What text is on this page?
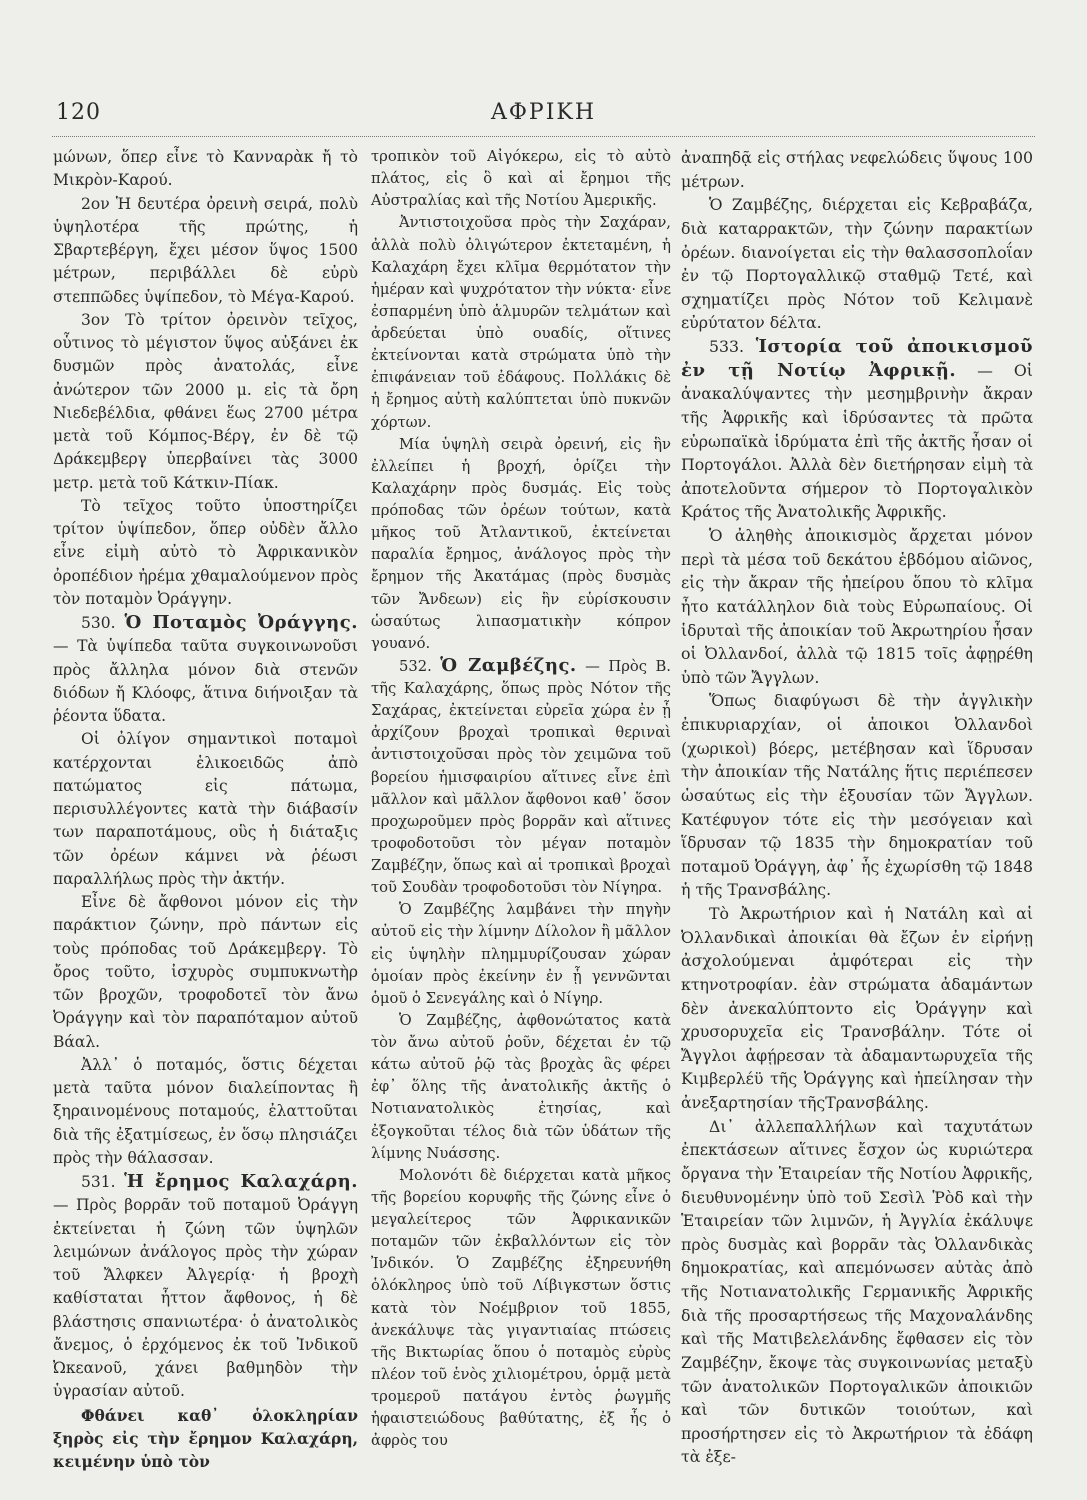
120	ΑΦΡΙΚΗ

μώνων, ὅπερ εἶνε τὸ Κανναρὰκ ἤ τὸ Μικρὸν-Καρού.

2ον Ἡ δευτέρα ὀρεινὴ σειρά, πολὺ ὑψηλοτέρα τῆς πρώτης, ἡ Σβαρτεβέργη, ἔχει μέσον ὕψος 1500 μέτρων, περιβάλλει δὲ εὐρὺ στεππῶδες ὑψίπεδον, τὸ Μέγα-Καρού.

3ον Τὸ τρίτον ὀρεινὸν τεῖχος, οὗτινος τὸ μέγιστον ὕψος αὐξάνει ἐκ δυσμῶν πρὸς ἀνατολάς, εἶνε ἀνώτερον τῶν 2000 μ. εἰς τὰ ὄρη Νιεδεβέλδια, φθάνει ἕως 2700 μέτρα μετὰ τοῦ Κόμπος-Βέργ, ἐν δὲ τῷ Δράκεμβεργ ὑπερβαίνει τὰς 3000 μετρ. μετὰ τοῦ Κάτκιν-Πίακ.

Τὸ τεῖχος τοῦτο ὑποστηρίζει τρίτον ὑψίπεδον, ὅπερ οὐδὲν ἄλλο εἶνε εἰμὴ αὐτὸ τὸ Ἀφρικανικὸν ὀροπέδιον ἠρέμα χθαμαλούμενον πρὸς τὸν ποταμὸν Ὀράγγην.

530. Ὁ Ποταμὸς Ὀράγγης. — Τὰ ὑψίπεδα ταῦτα συγκοινωνοῦσι πρὸς ἄλληλα μόνον διὰ στενῶν διόδων ἤ Κλόοφς, ἅτινα διήνοιξαν τὰ ῥέοντα ὕδατα.

Οἱ ὀλίγον σημαντικοὶ ποταμοὶ κατέρχονται ἑλικοειδῶς ἀπὸ πατώματος εἰς πάτωμα, περισυλλέγοντες κατὰ τὴν διάβασίν των παραποτάμους, οὓς ἡ διάταξις τῶν ὀρέων κάμνει νὰ ῥέωσι παραλλήλως πρὸς τὴν ἀκτήν.

Εἶνε δὲ ἄφθονοι μόνον εἰς τὴν παράκτιον ζώνην, πρὸ πάντων εἰς τοὺς πρόποδας τοῦ Δράκεμβεργ. Τὸ ὄρος τοῦτο, ἰσχυρὸς συμπυκνωτὴρ τῶν βροχῶν, τροφοδοτεῖ τὸν ἄνω Ὀράγγην καὶ τὸν παραπόταμον αὐτοῦ Βάαλ.

Ἀλλ᾽ ὁ ποταμός, ὅστις δέχεται μετὰ ταῦτα μόνον διαλείποντας ἢ ξηραινομένους ποταμούς, ἐλαττοῦται διὰ τῆς ἐξατμίσεως, ἐν ὅσῳ πλησιάζει πρὸς τὴν θάλασσαν.

531. Ἡ ἔρημος Καλαχάρη. — Πρὸς βορρᾶν τοῦ ποταμοῦ Ὀράγγη ἐκτείνεται ἡ ζώνη τῶν ὑψηλῶν λειμώνων ἀνάλογος πρὸς τὴν χώραν τοῦ Ἄλφκεν Ἀλγερίᾳ· ἡ βροχὴ καθίσταται ἧττον ἄφθονος, ἡ δὲ βλάστησις σπανιωτέρα· ὁ ἀνατολικὸς ἄνεμος, ὁ ἐρχόμενος ἐκ τοῦ Ἰνδικοῦ Ὠκεανοῦ, χάνει βαθμηδὸν τὴν ὑγρασίαν αὐτοῦ.

Φθάνει καθ᾽ ὁλοκληρίαν ξηρὸς εἰς τὴν ἔρημον Καλαχάρη, κειμένην ὑπὸ τὸν

τροπικὸν τοῦ Αἰγόκερω, εἰς τὸ αὐτὸ πλάτος, εἰς ὃ καὶ αἱ ἔρημοι τῆς Αὐστραλίας καὶ τῆς Νοτίου Ἀμερικῆς.

Ἀντιστοιχοῦσα πρὸς τὴν Σαχάραν, ἀλλὰ πολὺ ὀλιγώτερον ἐκτεταμένη, ἡ Καλαχάρη ἔχει κλῖμα θερμότατον τὴν ἡμέραν καὶ ψυχρότατον τὴν νύκτα· εἶνε ἐσπαρμένη ὑπὸ ἁλμυρῶν τελμάτων καὶ ἀρδεύεται ὑπὸ ουαδίς, οἵτινες ἐκτείνονται κατὰ στρώματα ὑπὸ τὴν ἐπιφάνειαν τοῦ ἐδάφους. Πολλάκις δὲ ἡ ἔρημος αὐτὴ καλύπτεται ὑπὸ πυκνῶν χόρτων.

Μία ὑψηλὴ σειρὰ ὀρεινή, εἰς ἣν ἐλλείπει ἡ βροχή, ὁρίζει τὴν Καλαχάρην πρὸς δυσμάς. Εἰς τοὺς πρόποδας τῶν ὀρέων τούτων, κατὰ μῆκος τοῦ Ἀτλαντικοῦ, ἐκτείνεται παραλία ἔρημος, ἀνάλογος πρὸς τὴν ἔρημον τῆς Ἀκατάμας (πρὸς δυσμὰς τῶν Ἄνδεων) εἰς ἣν εὑρίσκουσιν ὡσαύτως λιπασματικὴν κόπρον γουανό.

532. Ὁ Ζαμβέζης. — Πρὸς Β. τῆς Καλαχάρης, ὅπως πρὸς Νότον τῆς Σαχάρας, ἐκτείνεται εὐρεῖα χώρα ἐν ᾗ ἀρχίζουν βροχαὶ τροπικαὶ θεριναὶ ἀντιστοιχοῦσαι πρὸς τὸν χειμῶνα τοῦ βορείου ἡμισφαιρίου αἵτινες εἶνε ἐπὶ μᾶλλον καὶ μᾶλλον ἄφθονοι καθ᾽ ὅσον προχωροῦμεν πρὸς βορρᾶν καὶ αἵτινες τροφοδοτοῦσι τὸν μέγαν ποταμὸν Ζαμβέζην, ὅπως καὶ αἱ τροπικαὶ βροχαὶ τοῦ Σουδὰν τροφοδοτοῦσι τὸν Νίγηρα.

Ὁ Ζαμβέζης λαμβάνει τὴν πηγὴν αὐτοῦ εἰς τὴν λίμνην Δίλολον ἢ μᾶλλον εἰς ὑψηλὴν πλημμυρίζουσαν χώραν ὁμοίαν πρὸς ἐκείνην ἐν ᾗ γεννῶνται ὁμοῦ ὁ Σενεγάλης καὶ ὁ Νίγηρ.

Ὁ Ζαμβέζης, ἀφθονώτατος κατὰ τὸν ἄνω αὐτοῦ ῥοῦν, δέχεται ἐν τῷ κάτω αὐτοῦ ῥῷ τὰς βροχὰς ἃς φέρει ἐφ᾽ ὅλης τῆς ἀνατολικῆς ἀκτῆς ὁ Νοτιανατολικὸς ἐτησίας, καὶ ἐξογκοῦται τέλος διὰ τῶν ὑδάτων τῆς λίμνης Νυάσσης.

Μολονότι δὲ διέρχεται κατὰ μῆκος τῆς βορείου κορυφῆς τῆς ζώνης εἶνε ὁ μεγαλείτερος τῶν Ἀφρικανικῶν ποταμῶν τῶν ἐκβαλλόντων εἰς τὸν Ἰνδικόν. Ὁ Ζαμβέζης ἐξηρευνήθη ὁλόκληρος ὑπὸ τοῦ Λίβιγκστων ὅστις κατὰ τὸν Νοέμβριον τοῦ 1855, ἀνεκάλυψε τὰς γιγαντιαίας πτώσεις τῆς Βικτωρίας ὅπου ὁ ποταμὸς εὐρὺς πλέον τοῦ ἑνὸς χιλιομέτρου, ὁρμᾷ μετὰ τρομεροῦ πατάγου ἐντὸς ῥωγμῆς ἡφαιστειώδους βαθύτατης, ἐξ ἧς ὁ ἀφρὸς του

ἀναπηδᾷ εἰς στήλας νεφελώδεις ὕψους 100 μέτρων.

Ὁ Ζαμβέζης, διέρχεται εἰς Κεβραβάζα, διὰ καταρρακτῶν, τὴν ζώνην παρακτίων ὀρέων. διανοίγεται εἰς τὴν θαλασσοπλοΐαν ἐν τῷ Πορτογαλλικῷ σταθμῷ Τετέ, καὶ σχηματίζει πρὸς Νότον τοῦ Κελιμανὲ εὐρύτατον δέλτα.

533. Ἱστορία τοῦ ἀποικισμοῦ ἐν τῇ Νοτίῳ Ἀφρικῇ. — Οἱ ἀνακαλύψαντες τὴν μεσημβρινὴν ἄκραν τῆς Ἀφρικῆς καὶ ἱδρύσαντες τὰ πρῶτα εὐρωπαϊκὰ ἱδρύματα ἐπὶ τῆς ἀκτῆς ἦσαν οἱ Πορτογάλοι. Ἀλλὰ δὲν διετήρησαν εἰμὴ τὰ ἀποτελοῦντα σήμερον τὸ Πορτογαλικὸν Κράτος τῆς Ἀνατολικῆς Ἀφρικῆς.

Ὁ ἀληθὴς ἀποικισμὸς ἄρχεται μόνον περὶ τὰ μέσα τοῦ δεκάτου ἑβδόμου αἰῶνος, εἰς τὴν ἄκραν τῆς ἠπείρου ὅπου τὸ κλῖμα ἦτο κατάλληλον διὰ τοὺς Εὐρωπαίους. Οἱ ἱδρυταὶ τῆς ἀποικίαν τοῦ Ἀκρωτηρίου ἦσαν οἱ Ὀλλανδοί, ἀλλὰ τῷ 1815 τοῖς ἀφῃρέθη ὑπὸ τῶν Ἄγγλων.

Ὅπως διαφύγωσι δὲ τὴν ἀγγλικὴν ἐπικυριαρχίαν, οἱ ἀποικοι Ὀλλανδοὶ (χωρικοὶ) βόερς, μετέβησαν καὶ ἵδρυσαν τὴν ἀποικίαν τῆς Νατάλης ἥτις περιέπεσεν ὡσαύτως εἰς τὴν ἐξουσίαν τῶν Ἄγγλων. Κατέφυγον τότε εἰς τὴν μεσόγειαν καὶ ἵδρυσαν τῷ 1835 τὴν δημοκρατίαν τοῦ ποταμοῦ Ὀράγγη, ἀφ᾽ ἧς ἐχωρίσθη τῷ 1848 ἡ τῆς Τρανσβάλης.

Τὸ Ἀκρωτήριον καὶ ἡ Νατάλη καὶ αἱ Ὀλλανδικαὶ ἀποικίαι θὰ ἔζων ἐν εἰρήνῃ ἀσχολούμεναι ἀμφότεραι εἰς τὴν κτηνοτροφίαν. ἐὰν στρώματα ἀδαμάντων δὲν ἀνεκαλύπτοντο εἰς Ὀράγγην καὶ χρυσορυχεῖα εἰς Τρανσβάλην. Τότε οἱ Ἄγγλοι ἀφῄρεσαν τὰ ἀδαμαντωρυχεῖα τῆς Κιμβερλέϋ τῆς Ὀράγγης καὶ ἠπείλησαν τὴν ἀνεξαρτησίαν τῆςΤρανσβάλης.

Δι᾽ ἀλλεπαλλήλων καὶ ταχυτάτων ἐπεκτάσεων αἵτινες ἔσχον ὡς κυριώτερα ὄργανα τὴν Ἑταιρείαν τῆς Νοτίου Ἀφρικῆς, διευθυνομένην ὑπὸ τοῦ Σεσὶλ Ῥὸδ καὶ τὴν Ἑταιρείαν τῶν λιμνῶν, ἡ Ἀγγλία ἐκάλυψε πρὸς δυσμὰς καὶ βορρᾶν τὰς Ὀλλανδικὰς δημοκρατίας, καὶ απεμόνωσεν αὐτὰς ἀπὸ τῆς Νοτιανατολικῆς Γερμανικῆς Ἀφρικῆς διὰ τῆς προσαρτήσεως τῆς Μαχοναλάνδης καὶ τῆς Ματιβελελάνδης ἔφθασεν εἰς τὸν Ζαμβέζην, ἔκοψε τὰς συγκοινωνίας μεταξὺ τῶν ἀνατολικῶν Πορτογαλικῶν ἀποικιῶν καὶ τῶν δυτικῶν τοιούτων, καὶ προσήρτησεν εἰς τὸ Ἀκρωτήριον τὰ ἐδάφη τὰ ἐξε-
